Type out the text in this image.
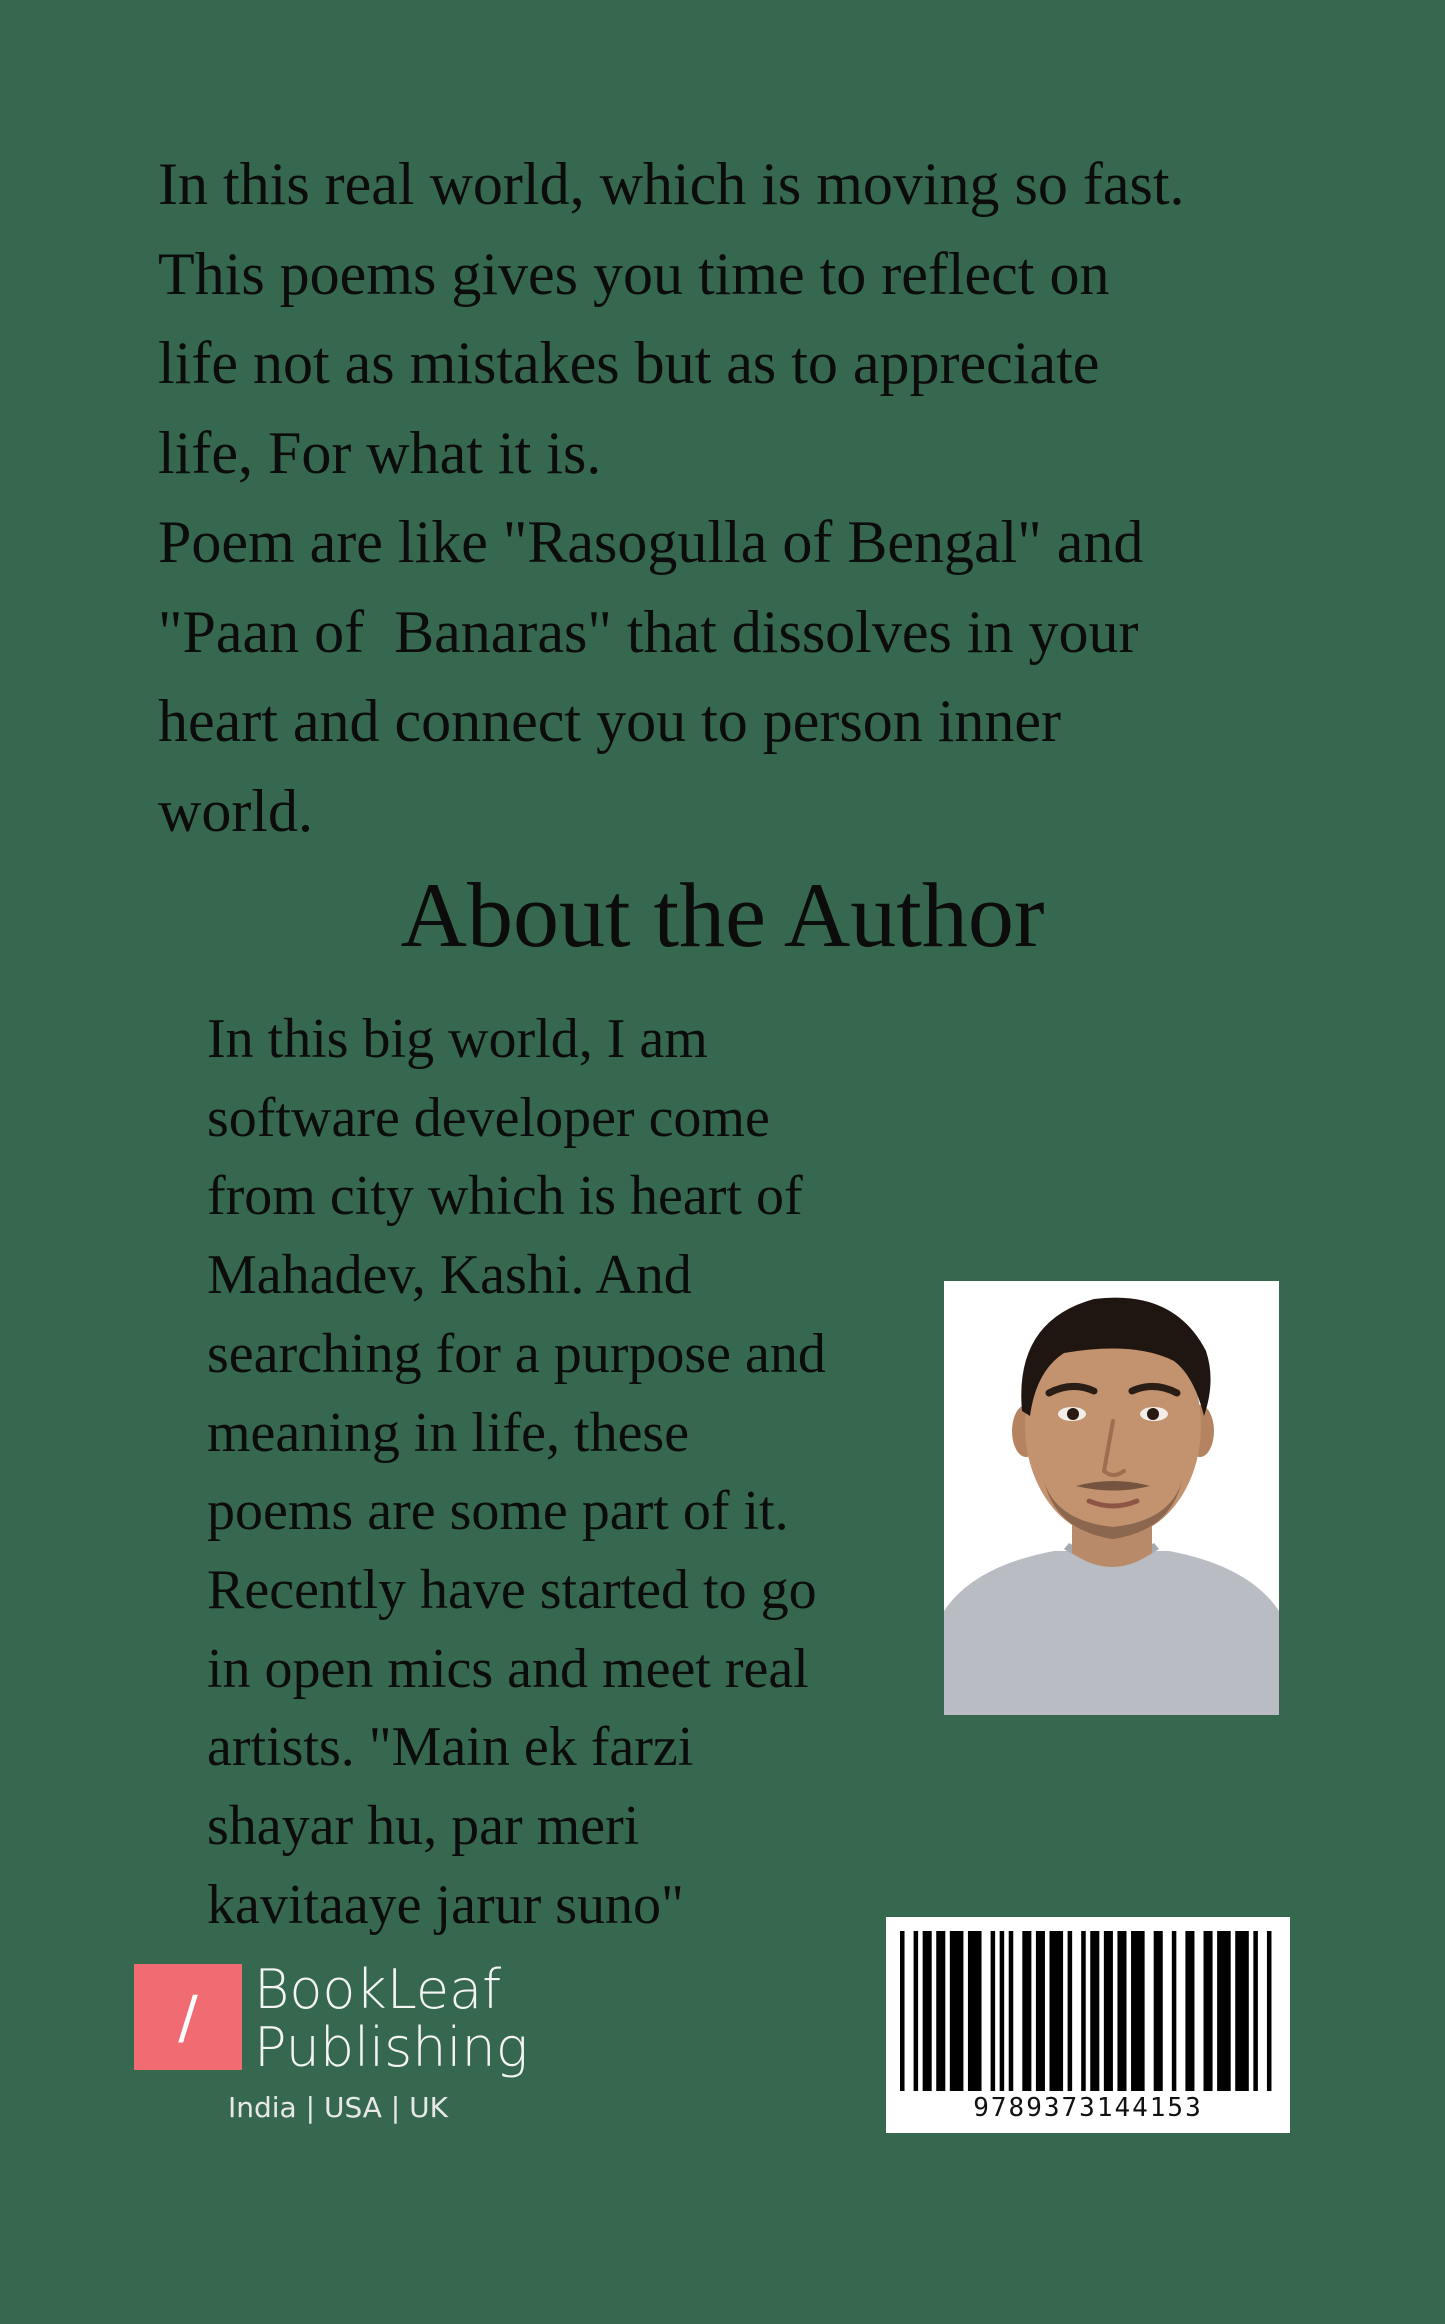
In this real world, which is moving so fast.
This poems gives you time to reflect on
life not as mistakes but as to appreciate
life, For what it is.
Poem are like "Rasogulla of Bengal" and
"Paan of  Banaras" that dissolves in your
heart and connect you to person inner
world.
About the Author
In this big world, I am
software developer come
from city which is heart of
Mahadev, Kashi. And
searching for a purpose and
meaning in life, these
poems are some part of it.
Recently have started to go
in open mics and meet real
artists. "Main ek farzi
shayar hu, par meri
kavitaaye jarur suno"
/	BookLeaf
Publishing
India | USA | UK	9789373144153
